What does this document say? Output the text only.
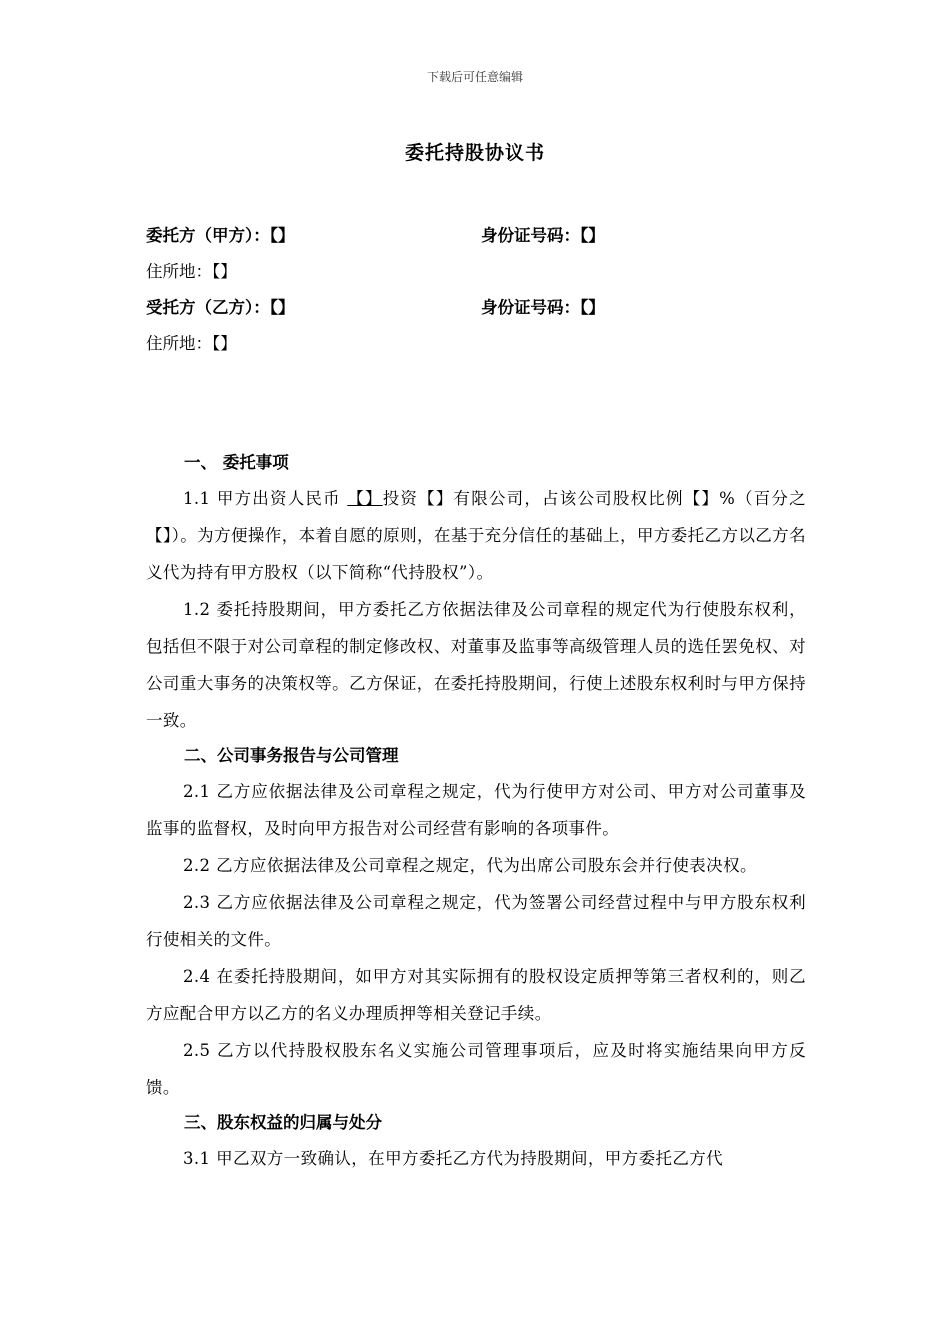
下载后可任意编辑
委托持股协议书
委托方（甲方）：【】	身份证号码：【】
住所地：【】
受托方（乙方）：【】	身份证号码：【】
住所地：【】
一、 委托事项

1.1 甲方出资人民币 【】投资【】有限公司，占该公司股权比例【】%（百分之【】）。为方便操作，本着自愿的原则，在基于充分信任的基础上，甲方委托乙方以乙方名义代为持有甲方股权（以下简称“代持股权”）。

1.2 委托持股期间，甲方委托乙方依据法律及公司章程的规定代为行使股东权利，包括但不限于对公司章程的制定修改权、对董事及监事等高级管理人员的选任罢免权、对公司重大事务的决策权等。乙方保证，在委托持股期间，行使上述股东权利时与甲方保持一致。

二、公司事务报告与公司管理

2.1 乙方应依据法律及公司章程之规定，代为行使甲方对公司、甲方对公司董事及监事的监督权，及时向甲方报告对公司经营有影响的各项事件。

2.2 乙方应依据法律及公司章程之规定，代为出席公司股东会并行使表决权。

2.3 乙方应依据法律及公司章程之规定，代为签署公司经营过程中与甲方股东权利行使相关的文件。

2.4 在委托持股期间，如甲方对其实际拥有的股权设定质押等第三者权利的，则乙方应配合甲方以乙方的名义办理质押等相关登记手续。

2.5 乙方以代持股权股东名义实施公司管理事项后，应及时将实施结果向甲方反馈。

三、股东权益的归属与处分

3.1 甲乙双方一致确认，在甲方委托乙方代为持股期间，甲方委托乙方代
